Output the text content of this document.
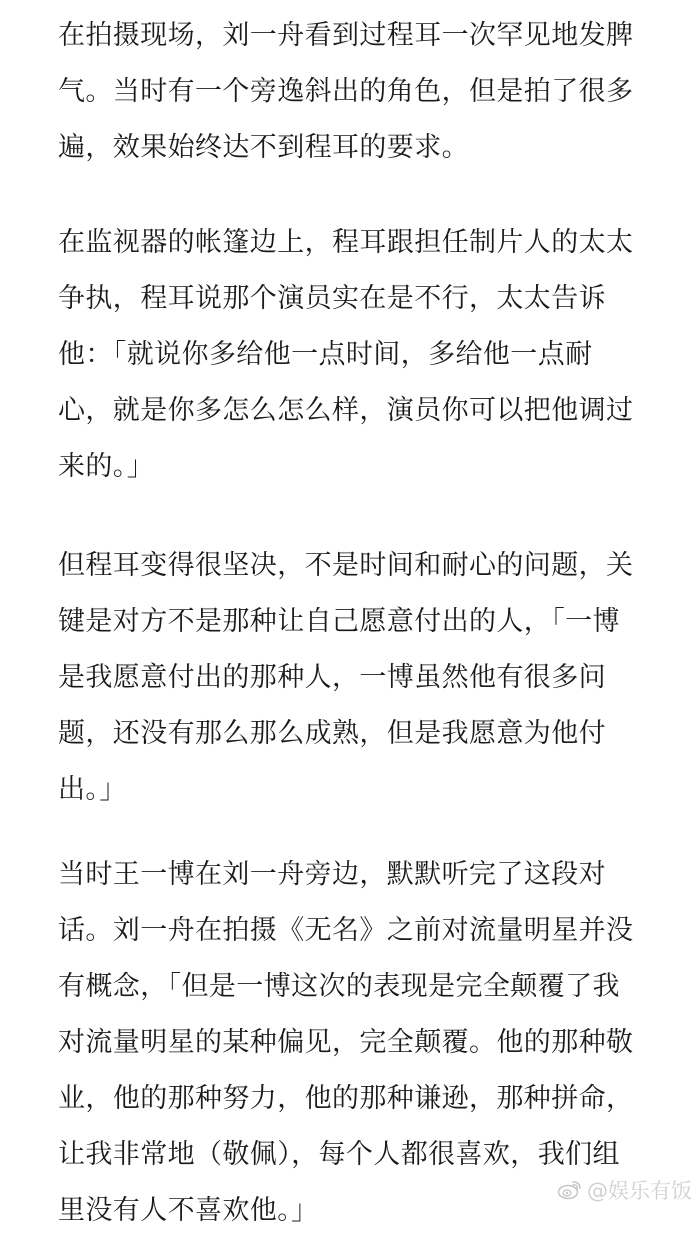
在拍摄现场，刘一舟看到过程耳一次罕见地发脾
气。当时有一个旁逸斜出的角色，但是拍了很多
遍，效果始终达不到程耳的要求。
在监视器的帐篷边上，程耳跟担任制片人的太太
争执，程耳说那个演员实在是不行，太太告诉
他：「就说你多给他一点时间，多给他一点耐
心，就是你多怎么怎么样，演员你可以把他调过
来的。」
但程耳变得很坚决，不是时间和耐心的问题，关
键是对方不是那种让自己愿意付出的人，「一博
是我愿意付出的那种人，一博虽然他有很多问
题，还没有那么那么成熟，但是我愿意为他付
出。」
当时王一博在刘一舟旁边，默默听完了这段对
话。刘一舟在拍摄《无名》之前对流量明星并没
有概念，「但是一博这次的表现是完全颠覆了我
对流量明星的某种偏见，完全颠覆。他的那种敬
业，他的那种努力，他的那种谦逊，那种拼命，
让我非常地（敬佩），每个人都很喜欢，我们组
里没有人不喜欢他。」
@娱乐有饭
